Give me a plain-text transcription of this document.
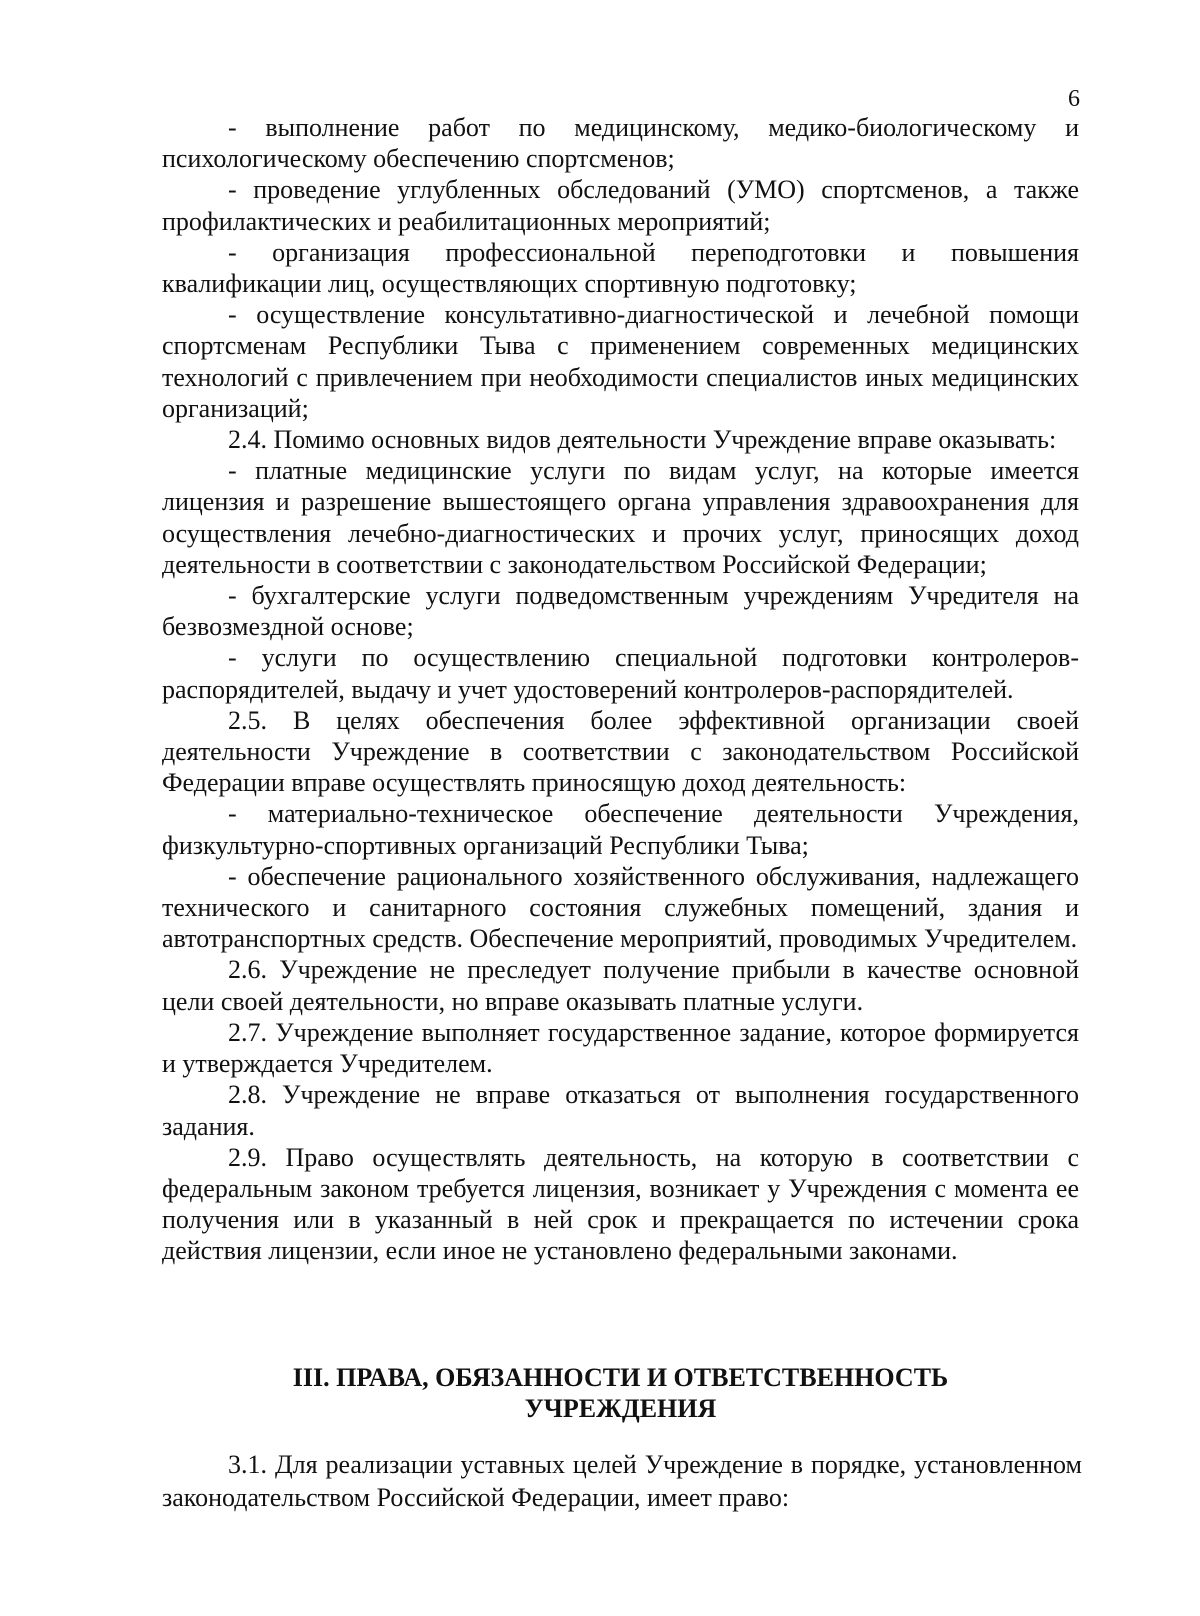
6

- выполнение работ по медицинскому, медико-биологическому и психологическому обеспечению спортсменов;

- проведение углубленных обследований (УМО) спортсменов, а также профилактических и реабилитационных мероприятий;

- организация профессиональной переподготовки и повышения квалификации лиц, осуществляющих спортивную подготовку;

- осуществление консультативно-диагностической и лечебной помощи спортсменам Республики Тыва с применением современных медицинских технологий с привлечением при необходимости специалистов иных медицинских организаций;

2.4. Помимо основных видов деятельности Учреждение вправе оказывать:

- платные медицинские услуги по видам услуг, на которые имеется лицензия и разрешение вышестоящего органа управления здравоохранения для осуществления лечебно-диагностических и прочих услуг, приносящих доход деятельности в соответствии с законодательством Российской Федерации;

- бухгалтерские услуги подведомственным учреждениям Учредителя на безвозмездной основе;

- услуги по осуществлению специальной подготовки контролеров-распорядителей, выдачу и учет удостоверений контролеров-распорядителей.

2.5. В целях обеспечения более эффективной организации своей деятельности Учреждение в соответствии с законодательством Российской Федерации вправе осуществлять приносящую доход деятельность:

- материально-техническое обеспечение деятельности Учреждения, физкультурно-спортивных организаций Республики Тыва;

- обеспечение рационального хозяйственного обслуживания, надлежащего технического и санитарного состояния служебных помещений, здания и автотранспортных средств. Обеспечение мероприятий, проводимых Учредителем.

2.6. Учреждение не преследует получение прибыли в качестве основной цели своей деятельности, но вправе оказывать платные услуги.

2.7. Учреждение выполняет государственное задание, которое формируется и утверждается Учредителем.

2.8. Учреждение не вправе отказаться от выполнения государственного задания.

2.9. Право осуществлять деятельность, на которую в соответствии с федеральным законом требуется лицензия, возникает у Учреждения с момента ее получения или в указанный в ней срок и прекращается по истечении срока действия лицензии, если иное не установлено федеральными законами.

III. ПРАВА, ОБЯЗАННОСТИ И ОТВЕТСТВЕННОСТЬ
УЧРЕЖДЕНИЯ

3.1. Для реализации уставных целей Учреждение в порядке, установленном законодательством Российской Федерации, имеет право:
